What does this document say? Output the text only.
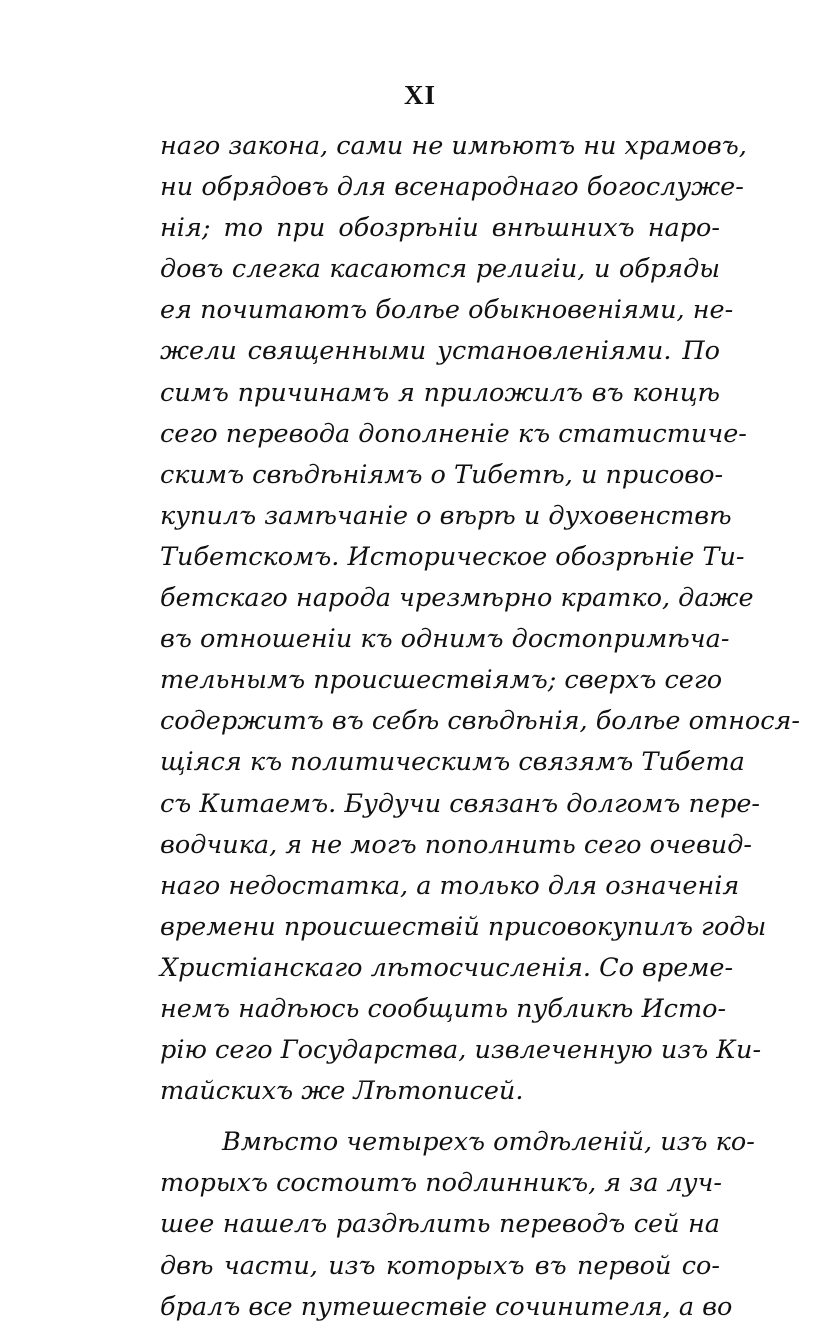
XI
наго закона, сами не имѣютъ ни храмовъ,
ни обрядовъ для всенароднаго богослуже-
нія; то при обозрѣніи внѣшнихъ наро-
довъ слегка касаются религіи, и обряды
ея почитаютъ болѣе обыкновеніями, не-
жели священными установленіями. По
симъ причинамъ я приложилъ въ концѣ
сего перевода дополненіе къ статистиче-
скимъ свѣдѣніямъ о Тибетѣ, и присово-
купилъ замѣчаніе о вѣрѣ и духовенствѣ
Тибетскомъ. Историческое обозрѣніе Ти-
бетскаго народа чрезмѣрно кратко, даже
въ отношеніи къ однимъ достопримѣча-
тельнымъ происшествіямъ; сверхъ сего
содержитъ въ себѣ свѣдѣнія, болѣе относя-
щіяся къ политическимъ связямъ Тибета
съ Китаемъ. Будучи связанъ долгомъ пере-
водчика, я не могъ пополнить сего очевид-
наго недостатка, а только для означенія
времени происшествій присовокупилъ годы
Христіанскаго лѣтосчисленія. Со време-
немъ надѣюсь сообщить публикѣ Исто-
рію сего Государства, извлеченную изъ Ки-
тайскихъ же Лѣтописей.
Вмѣсто четырехъ отдѣленій, изъ ко-
торыхъ состоитъ подлинникъ, я за луч-
шее нашелъ раздѣлить переводъ сей на
двѣ части, изъ которыхъ въ первой со-
бралъ все путешествіе сочинителя, а во
